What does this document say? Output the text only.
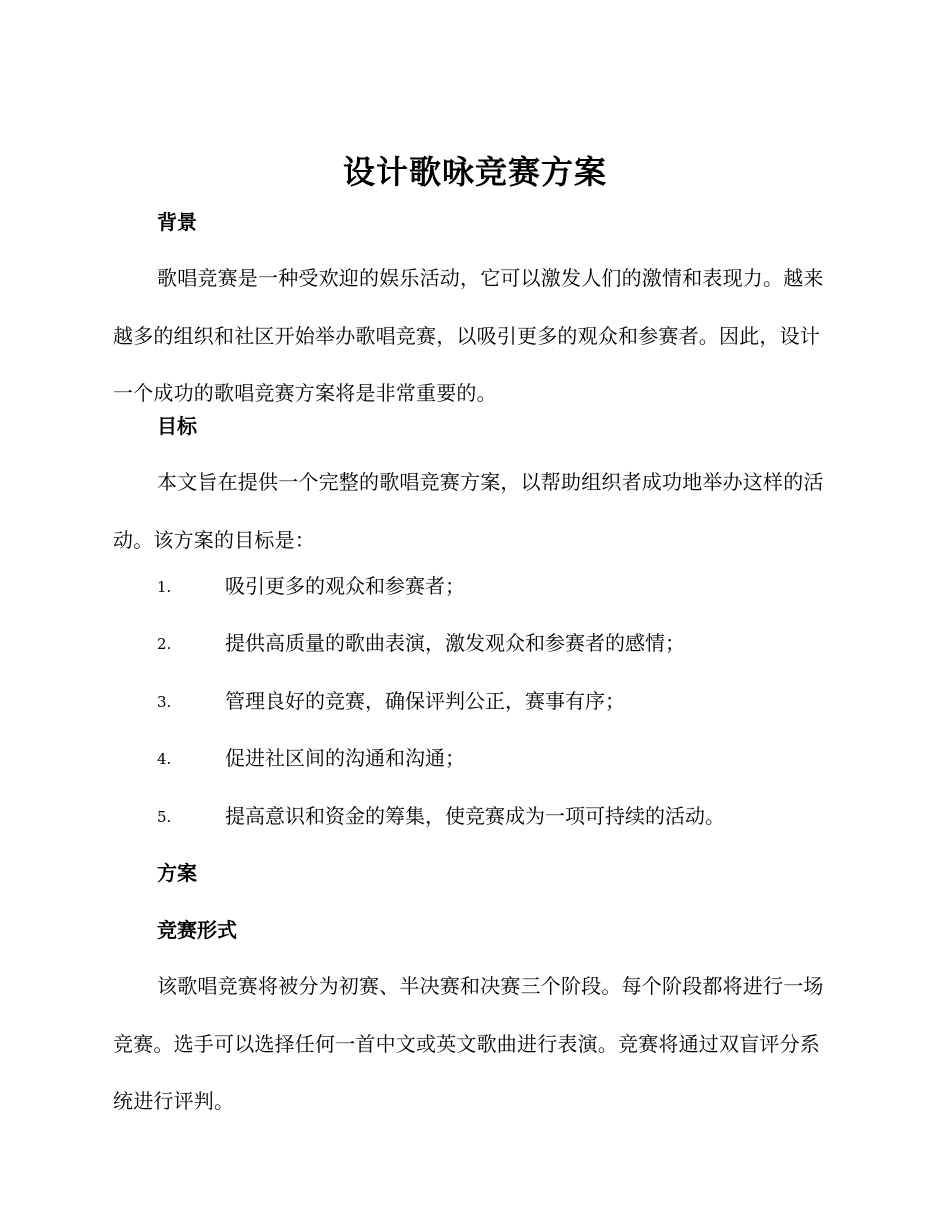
设计歌咏竞赛方案
背景

歌唱竞赛是一种受欢迎的娱乐活动，它可以激发人们的激情和表现力。越来越多的组织和社区开始举办歌唱竞赛，以吸引更多的观众和参赛者。因此，设计一个成功的歌唱竞赛方案将是非常重要的。

目标

本文旨在提供一个完整的歌唱竞赛方案，以帮助组织者成功地举办这样的活动。该方案的目标是：

1.	吸引更多的观众和参赛者；
2.	提供高质量的歌曲表演，激发观众和参赛者的感情；
3.	管理良好的竞赛，确保评判公正，赛事有序；
4.	促进社区间的沟通和沟通；
5.	提高意识和资金的筹集，使竞赛成为一项可持续的活动。
方案
竞赛形式

该歌唱竞赛将被分为初赛、半决赛和决赛三个阶段。每个阶段都将进行一场竞赛。选手可以选择任何一首中文或英文歌曲进行表演。竞赛将通过双盲评分系统进行评判。
